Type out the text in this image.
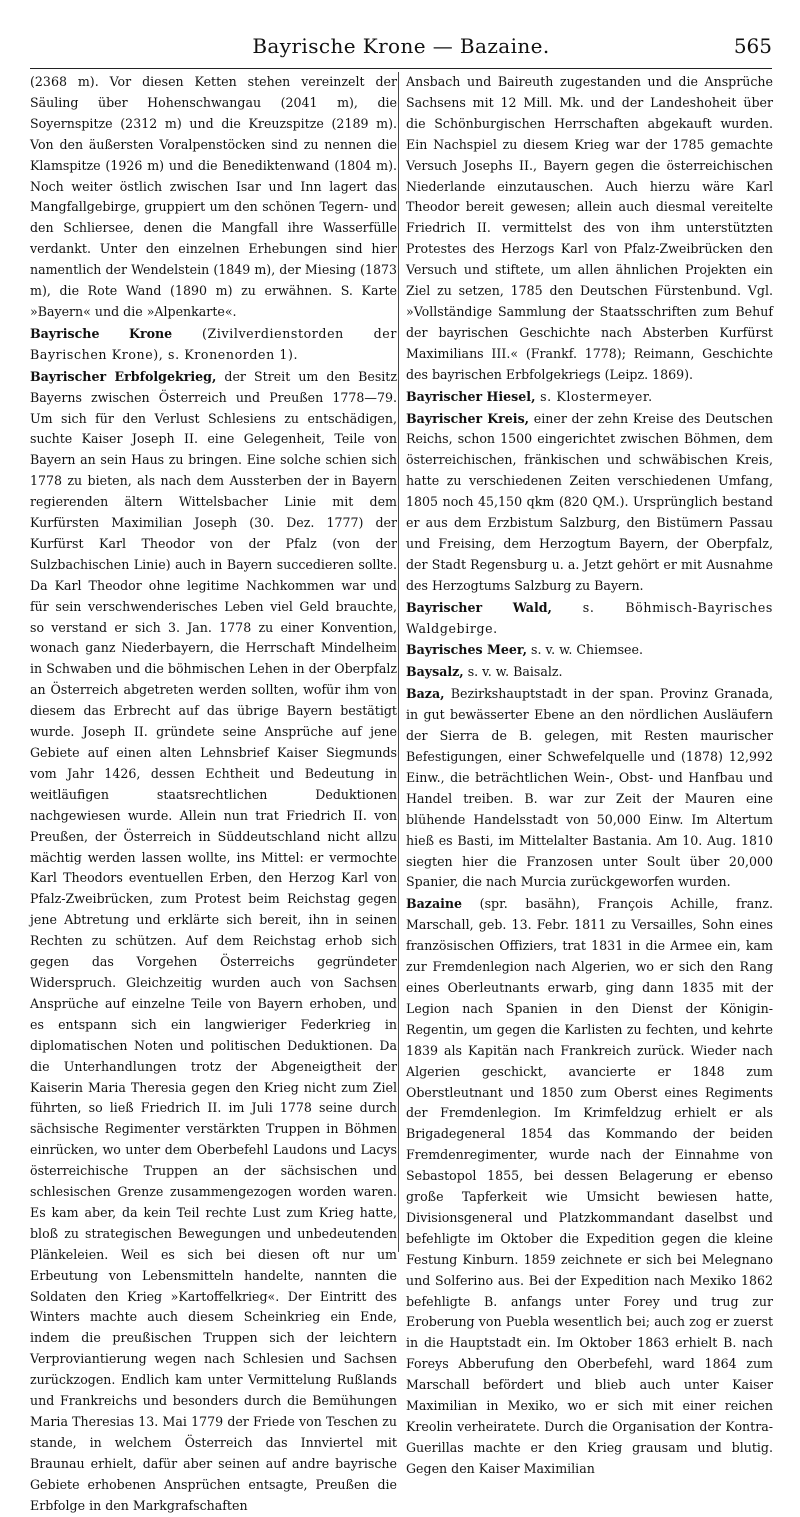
Bayrische Krone — Bazaine.	565

(2368 m). Vor diesen Ketten stehen vereinzelt der Säuling über Hohenschwangau (2041 m), die Soyernspitze (2312 m) und die Kreuzspitze (2189 m). Von den äußersten Voralpenstöcken sind zu nennen die Klamspitze (1926 m) und die Benediktenwand (1804 m). Noch weiter östlich zwischen Isar und Inn lagert das Mangfallgebirge, gruppiert um den schönen Tegern- und den Schliersee, denen die Mangfall ihre Wasserfülle verdankt. Unter den einzelnen Erhebungen sind hier namentlich der Wendelstein (1849 m), der Miesing (1873 m), die Rote Wand (1890 m) zu erwähnen. S. Karte »Bayern« und die »Alpenkarte«.

Bayrische Krone (Zivilverdienstorden der Bayrischen Krone), s. Kronenorden 1).

Bayrischer Erbfolgekrieg, der Streit um den Besitz Bayerns zwischen Österreich und Preußen 1778—79. Um sich für den Verlust Schlesiens zu entschädigen, suchte Kaiser Joseph II. eine Gelegenheit, Teile von Bayern an sein Haus zu bringen. Eine solche schien sich 1778 zu bieten, als nach dem Aussterben der in Bayern regierenden ältern Wittelsbacher Linie mit dem Kurfürsten Maximilian Joseph (30. Dez. 1777) der Kurfürst Karl Theodor von der Pfalz (von der Sulzbachischen Linie) auch in Bayern succedieren sollte. Da Karl Theodor ohne legitime Nachkommen war und für sein verschwenderisches Leben viel Geld brauchte, so verstand er sich 3. Jan. 1778 zu einer Konvention, wonach ganz Niederbayern, die Herrschaft Mindelheim in Schwaben und die böhmischen Lehen in der Oberpfalz an Österreich abgetreten werden sollten, wofür ihm von diesem das Erbrecht auf das übrige Bayern bestätigt wurde. Joseph II. gründete seine Ansprüche auf jene Gebiete auf einen alten Lehnsbrief Kaiser Siegmunds vom Jahr 1426, dessen Echtheit und Bedeutung in weitläufigen staatsrechtlichen Deduktionen nachgewiesen wurde. Allein nun trat Friedrich II. von Preußen, der Österreich in Süddeutschland nicht allzu mächtig werden lassen wollte, ins Mittel: er vermochte Karl Theodors eventuellen Erben, den Herzog Karl von Pfalz-Zweibrücken, zum Protest beim Reichstag gegen jene Abtretung und erklärte sich bereit, ihn in seinen Rechten zu schützen. Auf dem Reichstag erhob sich gegen das Vorgehen Österreichs gegründeter Widerspruch. Gleichzeitig wurden auch von Sachsen Ansprüche auf einzelne Teile von Bayern erhoben, und es entspann sich ein langwieriger Federkrieg in diplomatischen Noten und politischen Deduktionen. Da die Unterhandlungen trotz der Abgeneigtheit der Kaiserin Maria Theresia gegen den Krieg nicht zum Ziel führten, so ließ Friedrich II. im Juli 1778 seine durch sächsische Regimenter verstärkten Truppen in Böhmen einrücken, wo unter dem Oberbefehl Laudons und Lacys österreichische Truppen an der sächsischen und schlesischen Grenze zusammengezogen worden waren. Es kam aber, da kein Teil rechte Lust zum Krieg hatte, bloß zu strategischen Bewegungen und unbedeutenden Plänkeleien. Weil es sich bei diesen oft nur um Erbeutung von Lebensmitteln handelte, nannten die Soldaten den Krieg »Kartoffelkrieg«. Der Eintritt des Winters machte auch diesem Scheinkrieg ein Ende, indem die preußischen Truppen sich der leichtern Verproviantierung wegen nach Schlesien und Sachsen zurückzogen. Endlich kam unter Vermittelung Rußlands und Frankreichs und besonders durch die Bemühungen Maria Theresias 13. Mai 1779 der Friede von Teschen zu stande, in welchem Österreich das Innviertel mit Braunau erhielt, dafür aber seinen auf andre bayrische Gebiete erhobenen Ansprüchen entsagte, Preußen die Erbfolge in den Markgrafschaften

Ansbach und Baireuth zugestanden und die Ansprüche Sachsens mit 12 Mill. Mk. und der Landeshoheit über die Schönburgischen Herrschaften abgekauft wurden. Ein Nachspiel zu diesem Krieg war der 1785 gemachte Versuch Josephs II., Bayern gegen die österreichischen Niederlande einzutauschen. Auch hierzu wäre Karl Theodor bereit gewesen; allein auch diesmal vereitelte Friedrich II. vermittelst des von ihm unterstützten Protestes des Herzogs Karl von Pfalz-Zweibrücken den Versuch und stiftete, um allen ähnlichen Projekten ein Ziel zu setzen, 1785 den Deutschen Fürstenbund. Vgl. »Vollständige Sammlung der Staatsschriften zum Behuf der bayrischen Geschichte nach Absterben Kurfürst Maximilians III.« (Frankf. 1778); Reimann, Geschichte des bayrischen Erbfolgekriegs (Leipz. 1869).

Bayrischer Hiesel, s. Klostermeyer.

Bayrischer Kreis, einer der zehn Kreise des Deutschen Reichs, schon 1500 eingerichtet zwischen Böhmen, dem österreichischen, fränkischen und schwäbischen Kreis, hatte zu verschiedenen Zeiten verschiedenen Umfang, 1805 noch 45,150 qkm (820 QM.). Ursprünglich bestand er aus dem Erzbistum Salzburg, den Bistümern Passau und Freising, dem Herzogtum Bayern, der Oberpfalz, der Stadt Regensburg u. a. Jetzt gehört er mit Ausnahme des Herzogtums Salzburg zu Bayern.

Bayrischer Wald, s. Böhmisch-Bayrisches Waldgebirge.

Bayrisches Meer, s. v. w. Chiemsee.

Baysalz, s. v. w. Baisalz.

Baza, Bezirkshauptstadt in der span. Provinz Granada, in gut bewässerter Ebene an den nördlichen Ausläufern der Sierra de B. gelegen, mit Resten maurischer Befestigungen, einer Schwefelquelle und (1878) 12,992 Einw., die beträchtlichen Wein-, Obst- und Hanfbau und Handel treiben. B. war zur Zeit der Mauren eine blühende Handelsstadt von 50,000 Einw. Im Altertum hieß es Basti, im Mittelalter Bastania. Am 10. Aug. 1810 siegten hier die Franzosen unter Soult über 20,000 Spanier, die nach Murcia zurückgeworfen wurden.

Bazaine (spr. basähn), François Achille, franz. Marschall, geb. 13. Febr. 1811 zu Versailles, Sohn eines französischen Offiziers, trat 1831 in die Armee ein, kam zur Fremdenlegion nach Algerien, wo er sich den Rang eines Oberleutnants erwarb, ging dann 1835 mit der Legion nach Spanien in den Dienst der Königin-Regentin, um gegen die Karlisten zu fechten, und kehrte 1839 als Kapitän nach Frankreich zurück. Wieder nach Algerien geschickt, avancierte er 1848 zum Oberstleutnant und 1850 zum Oberst eines Regiments der Fremdenlegion. Im Krimfeldzug erhielt er als Brigadegeneral 1854 das Kommando der beiden Fremdenregimenter, wurde nach der Einnahme von Sebastopol 1855, bei dessen Belagerung er ebenso große Tapferkeit wie Umsicht bewiesen hatte, Divisionsgeneral und Platzkommandant daselbst und befehligte im Oktober die Expedition gegen die kleine Festung Kinburn. 1859 zeichnete er sich bei Melegnano und Solferino aus. Bei der Expedition nach Mexiko 1862 befehligte B. anfangs unter Forey und trug zur Eroberung von Puebla wesentlich bei; auch zog er zuerst in die Hauptstadt ein. Im Oktober 1863 erhielt B. nach Foreys Abberufung den Oberbefehl, ward 1864 zum Marschall befördert und blieb auch unter Kaiser Maximilian in Mexiko, wo er sich mit einer reichen Kreolin verheiratete. Durch die Organisation der Kontra-Guerillas machte er den Krieg grausam und blutig. Gegen den Kaiser Maximilian
